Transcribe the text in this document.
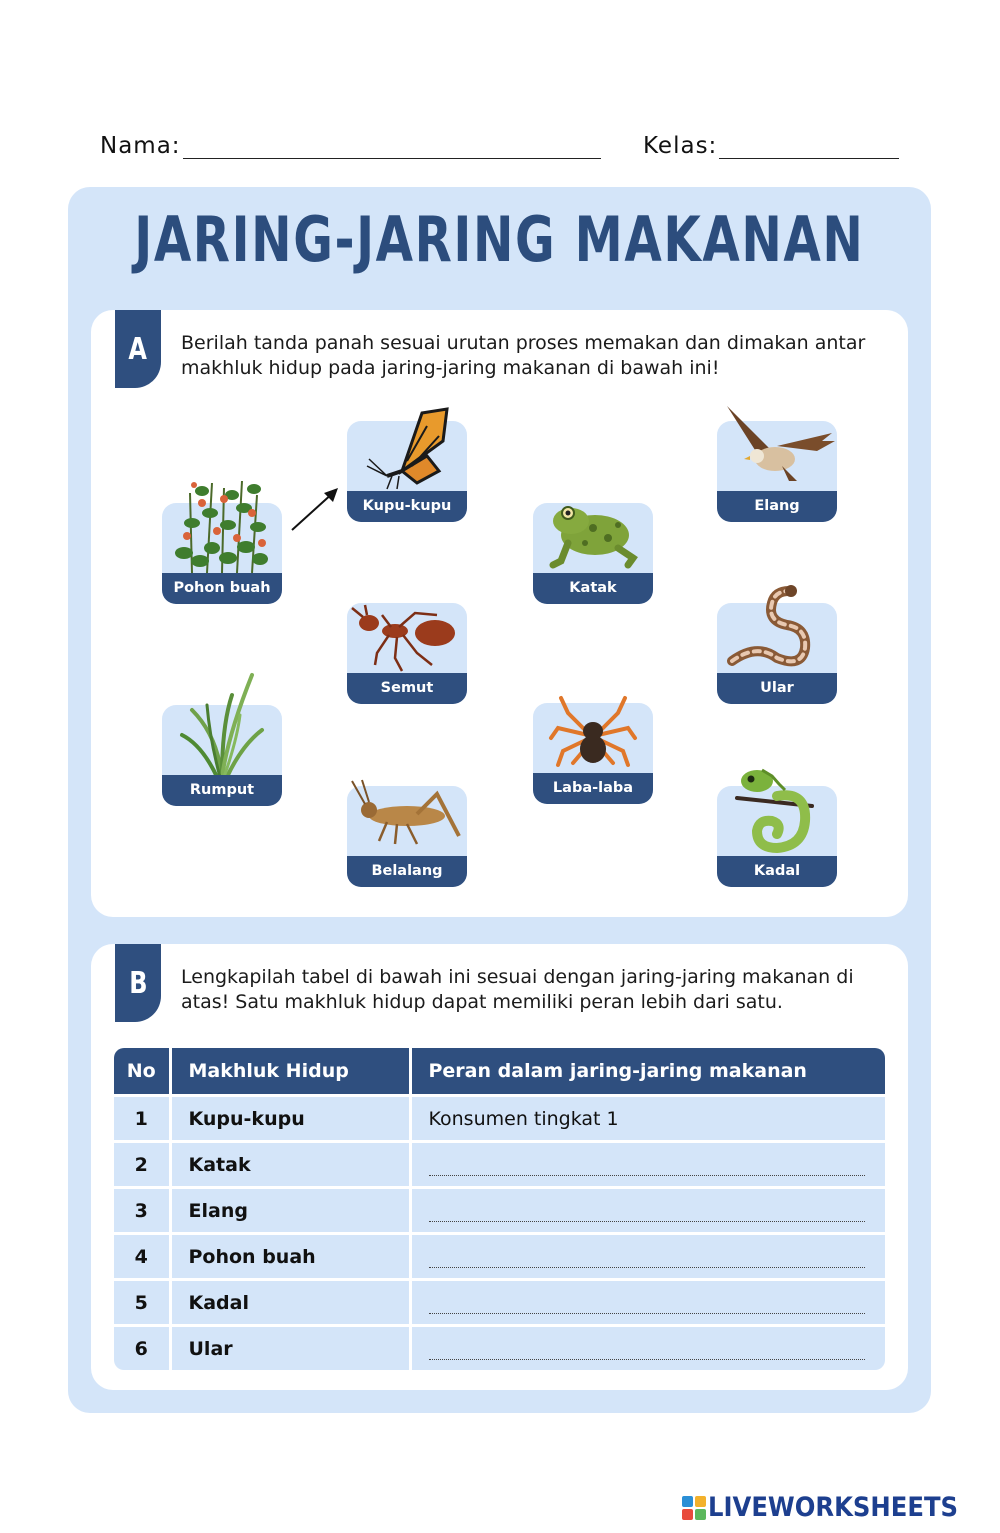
Nama:	Kelas:
JARING-JARING MAKANAN
A	Berilah tanda panah sesuai urutan proses memakan dan dimakan antar makhluk hidup pada jaring-jaring makanan di bawah ini!
Pohon buah
Rumput
Kupu-kupu
Semut
Belalang
Katak
Laba-laba
Elang
Ular
Kadal
B	Lengkapilah tabel di bawah ini sesuai dengan jaring-jaring makanan di atas! Satu makhluk hidup dapat memiliki peran lebih dari satu.
No	Makhluk Hidup	Peran dalam jaring-jaring makanan
1	Kupu-kupu	Konsumen tingkat 1
2	Katak	

3	Elang	

4	Pohon buah	

5	Kadal	

6	Ular	
LIVEWORKSHEETS
